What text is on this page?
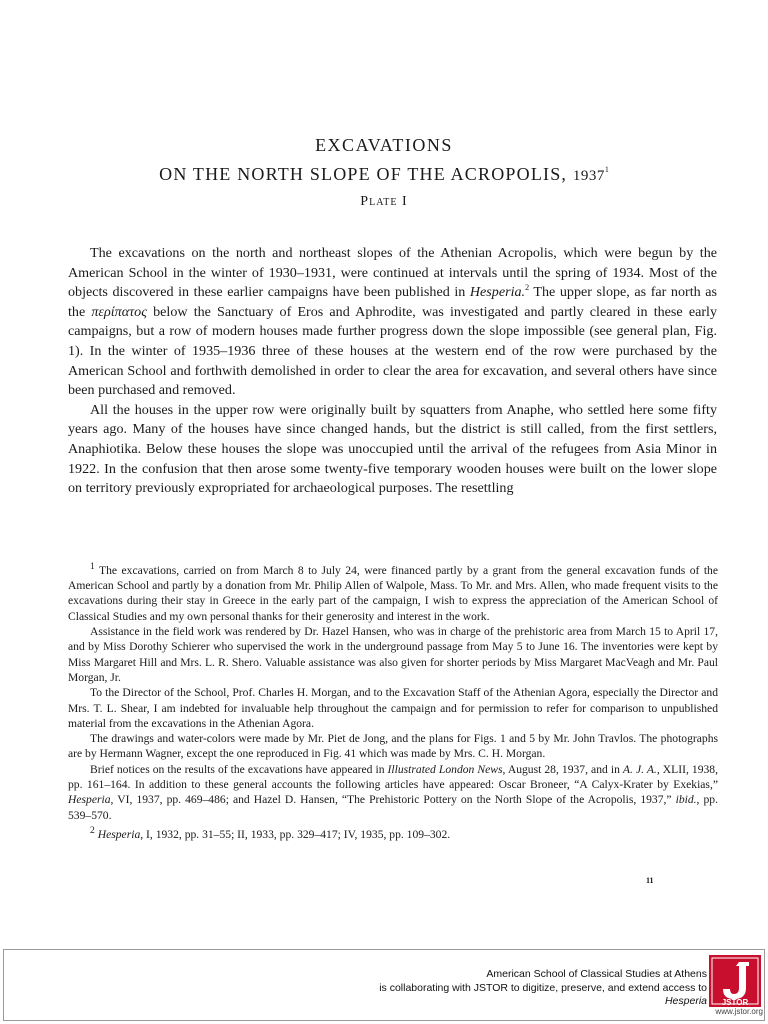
EXCAVATIONS
ON THE NORTH SLOPE OF THE ACROPOLIS, 1937$^1$
Plate I

The excavations on the north and northeast slopes of the Athenian Acropolis, which were begun by the American School in the winter of 1930–1931, were continued at intervals until the spring of 1934. Most of the objects discovered in these earlier campaigns have been published in Hesperia.$^2$ The upper slope, as far north as the περίπατος below the Sanctuary of Eros and Aphrodite, was investigated and partly cleared in these early campaigns, but a row of modern houses made further progress down the slope impossible (see general plan, Fig. 1). In the winter of 1935–1936 three of these houses at the western end of the row were purchased by the American School and forthwith demolished in order to clear the area for excavation, and several others have since been purchased and removed.

All the houses in the upper row were originally built by squatters from Anaphe, who settled here some fifty years ago. Many of the houses have since changed hands, but the district is still called, from the first settlers, Anaphiotika. Below these houses the slope was unoccupied until the arrival of the refugees from Asia Minor in 1922. In the confusion that then arose some twenty-five temporary wooden houses were built on the lower slope on territory previously expropriated for archaeological purposes. The resettling

$^1$ The excavations, carried on from March 8 to July 24, were financed partly by a grant from the general excavation funds of the American School and partly by a donation from Mr. Philip Allen of Walpole, Mass. To Mr. and Mrs. Allen, who made frequent visits to the excavations during their stay in Greece in the early part of the campaign, I wish to express the appreciation of the American School of Classical Studies and my own personal thanks for their generosity and interest in the work.

Assistance in the field work was rendered by Dr. Hazel Hansen, who was in charge of the prehistoric area from March 15 to April 17, and by Miss Dorothy Schierer who supervised the work in the underground passage from May 5 to June 16. The inventories were kept by Miss Margaret Hill and Mrs. L. R. Shero. Valuable assistance was also given for shorter periods by Miss Margaret MacVeagh and Mr. Paul Morgan, Jr.

To the Director of the School, Prof. Charles H. Morgan, and to the Excavation Staff of the Athenian Agora, especially the Director and Mrs. T. L. Shear, I am indebted for invaluable help throughout the campaign and for permission to refer for comparison to unpublished material from the excavations in the Athenian Agora.

The drawings and water-colors were made by Mr. Piet de Jong, and the plans for Figs. 1 and 5 by Mr. John Travlos. The photographs are by Hermann Wagner, except the one reproduced in Fig. 41 which was made by Mrs. C. H. Morgan.

Brief notices on the results of the excavations have appeared in Illustrated London News, August 28, 1937, and in A. J. A., XLII, 1938, pp. 161–164. In addition to these general accounts the following articles have appeared: Oscar Broneer, “A Calyx-Krater by Exekias,” Hesperia, VI, 1937, pp. 469–486; and Hazel D. Hansen, “The Prehistoric Pottery on the North Slope of the Acropolis, 1937,” ibid., pp. 539–570.

$^2$ Hesperia, I, 1932, pp. 31–55; II, 1933, pp. 329–417; IV, 1935, pp. 109–302.

11
American School of Classical Studies at Athens
is collaborating with JSTOR to digitize, preserve, and extend access to
Hesperia JSTOR
www.jstor.org
